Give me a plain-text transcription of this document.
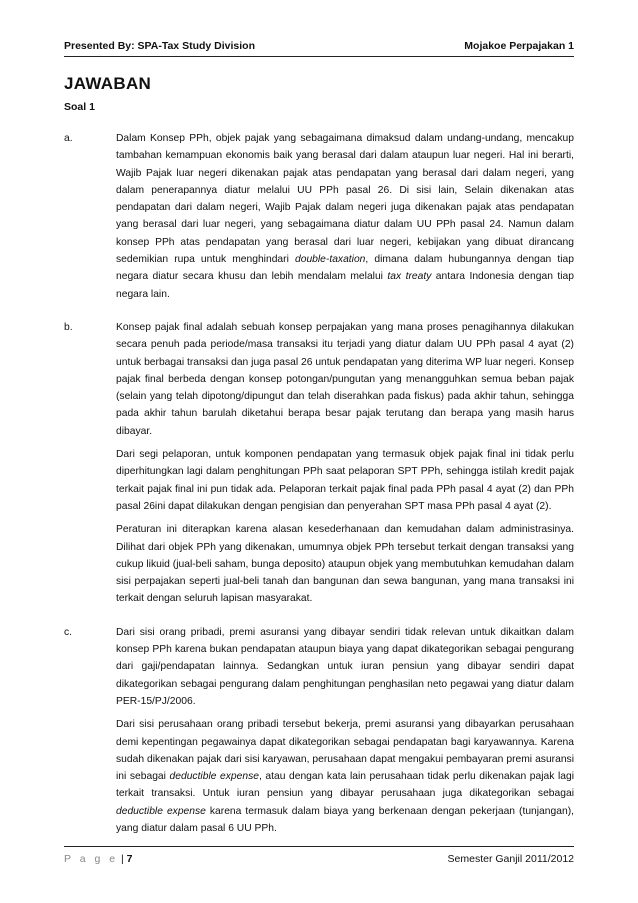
Presented By: SPA-Tax Study Division	Mojakoe Perpajakan 1
JAWABAN
Soal 1
a.	Dalam Konsep PPh, objek pajak yang sebagaimana dimaksud dalam undang-undang, mencakup tambahan kemampuan ekonomis baik yang berasal dari dalam ataupun luar negeri. Hal ini berarti, Wajib Pajak luar negeri dikenakan pajak atas pendapatan yang berasal dari dalam negeri, yang dalam penerapannya diatur melalui UU PPh pasal 26. Di sisi lain, Selain dikenakan atas pendapatan dari dalam negeri, Wajib Pajak dalam negeri juga dikenakan pajak atas pendapatan yang berasal dari luar negeri, yang sebagaimana diatur dalam UU PPh pasal 24. Namun dalam konsep PPh atas pendapatan yang berasal dari luar negeri, kebijakan yang dibuat dirancang sedemikian rupa untuk menghindari double-taxation, dimana dalam hubungannya dengan tiap negara diatur secara khusu dan lebih mendalam melalui tax treaty antara Indonesia dengan tiap negara lain.

b.	Konsep pajak final adalah sebuah konsep perpajakan yang mana proses penagihannya dilakukan secara penuh pada periode/masa transaksi itu terjadi yang diatur dalam UU PPh pasal 4 ayat (2) untuk berbagai transaksi dan juga pasal 26 untuk pendapatan yang diterima WP luar negeri. Konsep pajak final berbeda dengan konsep potongan/pungutan yang menangguhkan semua beban pajak (selain yang telah dipotong/dipungut dan telah diserahkan pada fiskus) pada akhir tahun, sehingga pada akhir tahun barulah diketahui berapa besar pajak terutang dan berapa yang masih harus dibayar.

Dari segi pelaporan, untuk komponen pendapatan yang termasuk objek pajak final ini tidak perlu diperhitungkan lagi dalam penghitungan PPh saat pelaporan SPT PPh, sehingga istilah kredit pajak terkait pajak final ini pun tidak ada. Pelaporan terkait pajak final pada PPh pasal 4 ayat (2) dan PPh pasal 26ini dapat dilakukan dengan pengisian dan penyerahan SPT masa PPh pasal 4 ayat (2).

Peraturan ini diterapkan karena alasan kesederhanaan dan kemudahan dalam administrasinya. Dilihat dari objek PPh yang dikenakan, umumnya objek PPh tersebut terkait dengan transaksi yang cukup likuid (jual-beli saham, bunga deposito) ataupun objek yang membutuhkan kemudahan dalam sisi perpajakan seperti jual-beli tanah dan bangunan dan sewa bangunan, yang mana transaksi ini terkait dengan seluruh lapisan masyarakat.

c.	Dari sisi orang pribadi, premi asuransi yang dibayar sendiri tidak relevan untuk dikaitkan dalam konsep PPh karena bukan pendapatan ataupun biaya yang dapat dikategorikan sebagai pengurang dari gaji/pendapatan lainnya. Sedangkan untuk iuran pensiun yang dibayar sendiri dapat dikategorikan sebagai pengurang dalam penghitungan penghasilan neto pegawai yang diatur dalam PER-15/PJ/2006.

Dari sisi perusahaan orang pribadi tersebut bekerja, premi asuransi yang dibayarkan perusahaan demi kepentingan pegawainya dapat dikategorikan sebagai pendapatan bagi karyawannya. Karena sudah dikenakan pajak dari sisi karyawan, perusahaan dapat mengakui pembayaran premi asuransi ini sebagai deductible expense, atau dengan kata lain perusahaan tidak perlu dikenakan pajak lagi terkait transaksi. Untuk iuran pensiun yang dibayar perusahaan juga dikategorikan sebagai deductible expense karena termasuk dalam biaya yang berkenaan dengan pekerjaan (tunjangan), yang diatur dalam pasal 6 UU PPh.

P a g e | 7	Semester Ganjil 2011/2012
